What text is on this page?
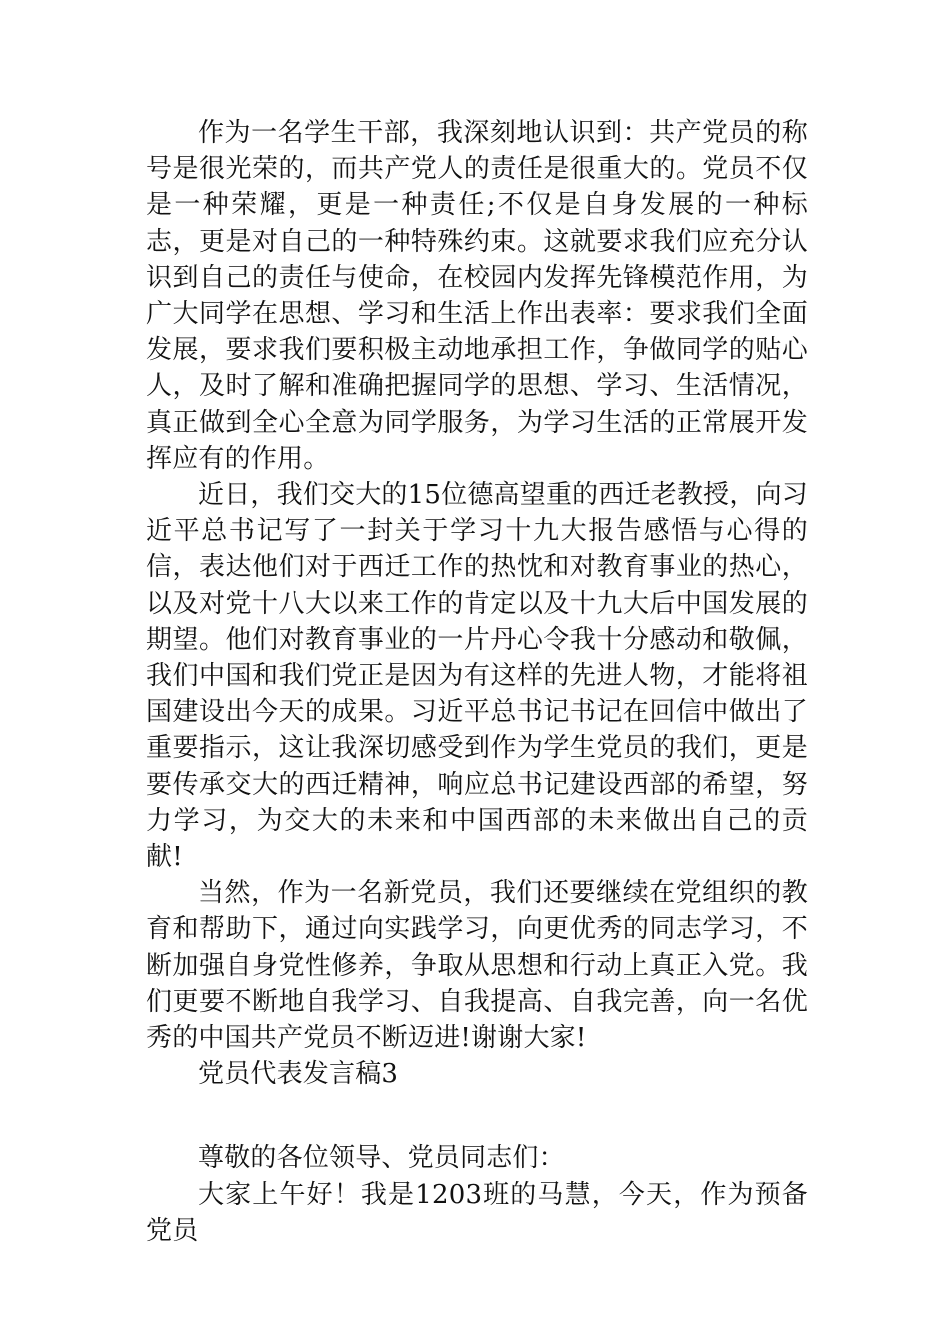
作为一名学生干部，我深刻地认识到：共产党员的称号是很光荣的，而共产党人的责任是很重大的。党员不仅是一种荣耀，更是一种责任;不仅是自身发展的一种标志，更是对自己的一种特殊约束。这就要求我们应充分认识到自己的责任与使命，在校园内发挥先锋模范作用，为广大同学在思想、学习和生活上作出表率：要求我们全面发展，要求我们要积极主动地承担工作，争做同学的贴心人，及时了解和准确把握同学的思想、学习、生活情况，真正做到全心全意为同学服务，为学习生活的正常展开发挥应有的作用。

近日，我们交大的15位德高望重的西迁老教授，向习近平总书记写了一封关于学习十九大报告感悟与心得的信，表达他们对于西迁工作的热忱和对教育事业的热心，以及对党十八大以来工作的肯定以及十九大后中国发展的期望。他们对教育事业的一片丹心令我十分感动和敬佩，我们中国和我们党正是因为有这样的先进人物，才能将祖国建设出今天的成果。习近平总书记书记在回信中做出了重要指示，这让我深切感受到作为学生党员的我们，更是要传承交大的西迁精神，响应总书记建设西部的希望，努力学习，为交大的未来和中国西部的未来做出自己的贡献!

当然，作为一名新党员，我们还要继续在党组织的教育和帮助下，通过向实践学习，向更优秀的同志学习，不断加强自身党性修养，争取从思想和行动上真正入党。我们更要不断地自我学习、自我提高、自我完善，向一名优秀的中国共产党员不断迈进!谢谢大家!

党员代表发言稿3

尊敬的各位领导、党员同志们：

大家上午好！我是1203班的马慧，今天，作为预备党员
